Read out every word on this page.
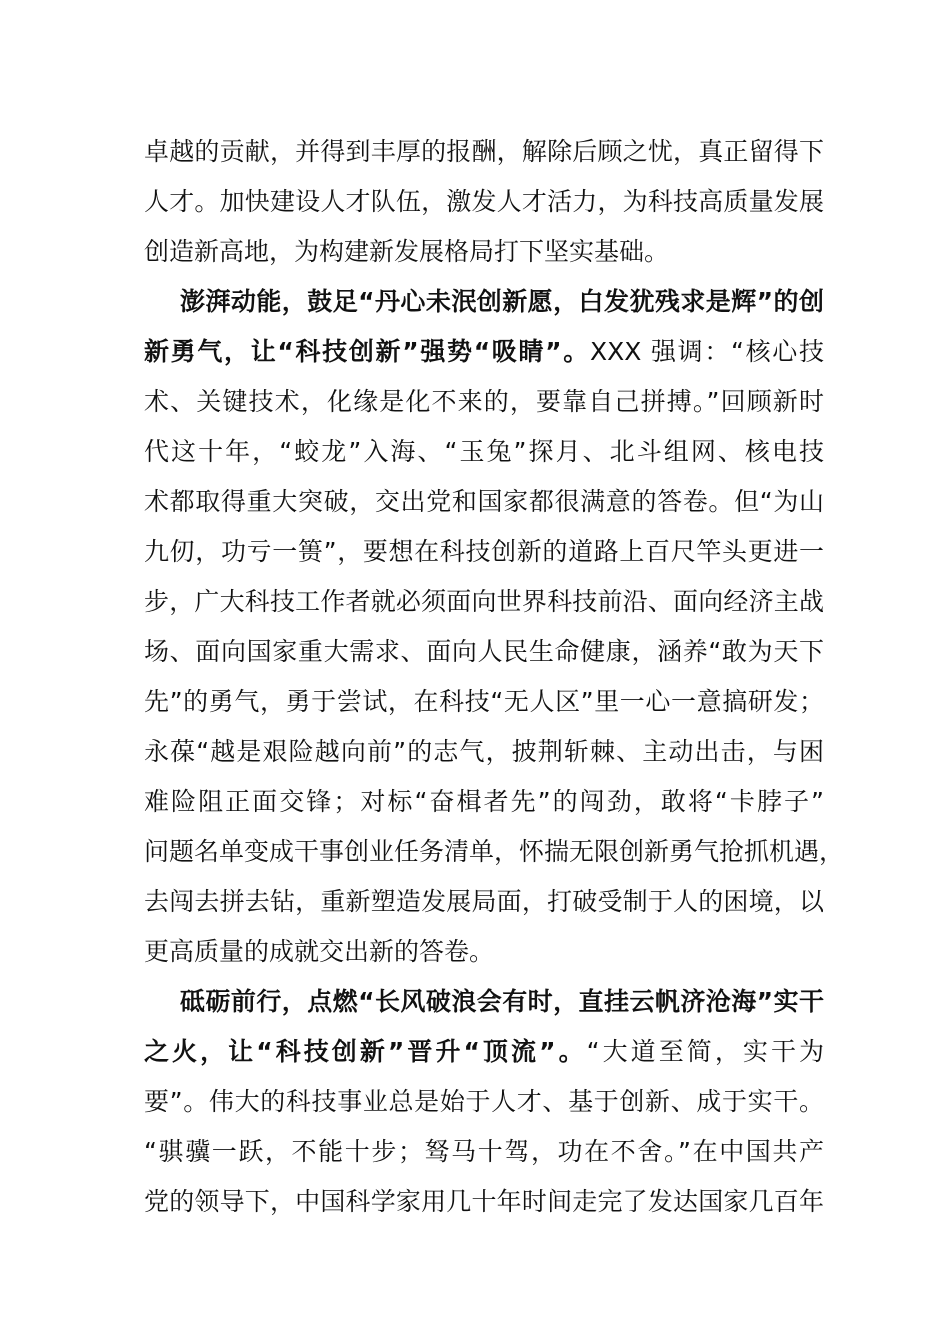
卓越的贡献，并得到丰厚的报酬，解除后顾之忧，真正留得下
人才。加快建设人才队伍，激发人才活力，为科技高质量发展
创造新高地，为构建新发展格局打下坚实基础。
澎湃动能，鼓足“丹心未泯创新愿，白发犹残求是辉”的创
新勇气，让“科技创新”强势“吸睛”。XXX 强调：“核心技
术、关键技术，化缘是化不来的，要靠自己拼搏。”回顾新时
代这十年，“蛟龙”入海、“玉兔”探月、北斗组网、核电技
术都取得重大突破，交出党和国家都很满意的答卷。但“为山
九仞，功亏一篑”，要想在科技创新的道路上百尺竿头更进一
步，广大科技工作者就必须面向世界科技前沿、面向经济主战
场、面向国家重大需求、面向人民生命健康，涵养“敢为天下
先”的勇气，勇于尝试，在科技“无人区”里一心一意搞研发；
永葆“越是艰险越向前”的志气，披荆斩棘、主动出击，与困
难险阻正面交锋；对标“奋楫者先”的闯劲，敢将“卡脖子”
问题名单变成干事创业任务清单，怀揣无限创新勇气抢抓机遇，
去闯去拼去钻，重新塑造发展局面，打破受制于人的困境，以
更高质量的成就交出新的答卷。
砥砺前行，点燃“长风破浪会有时，直挂云帆济沧海”实干
之火，让“科技创新”晋升“顶流”。“大道至简，实干为
要”。伟大的科技事业总是始于人才、基于创新、成于实干。
“骐骥一跃，不能十步；驽马十驾，功在不舍。”在中国共产
党的领导下，中国科学家用几十年时间走完了发达国家几百年
